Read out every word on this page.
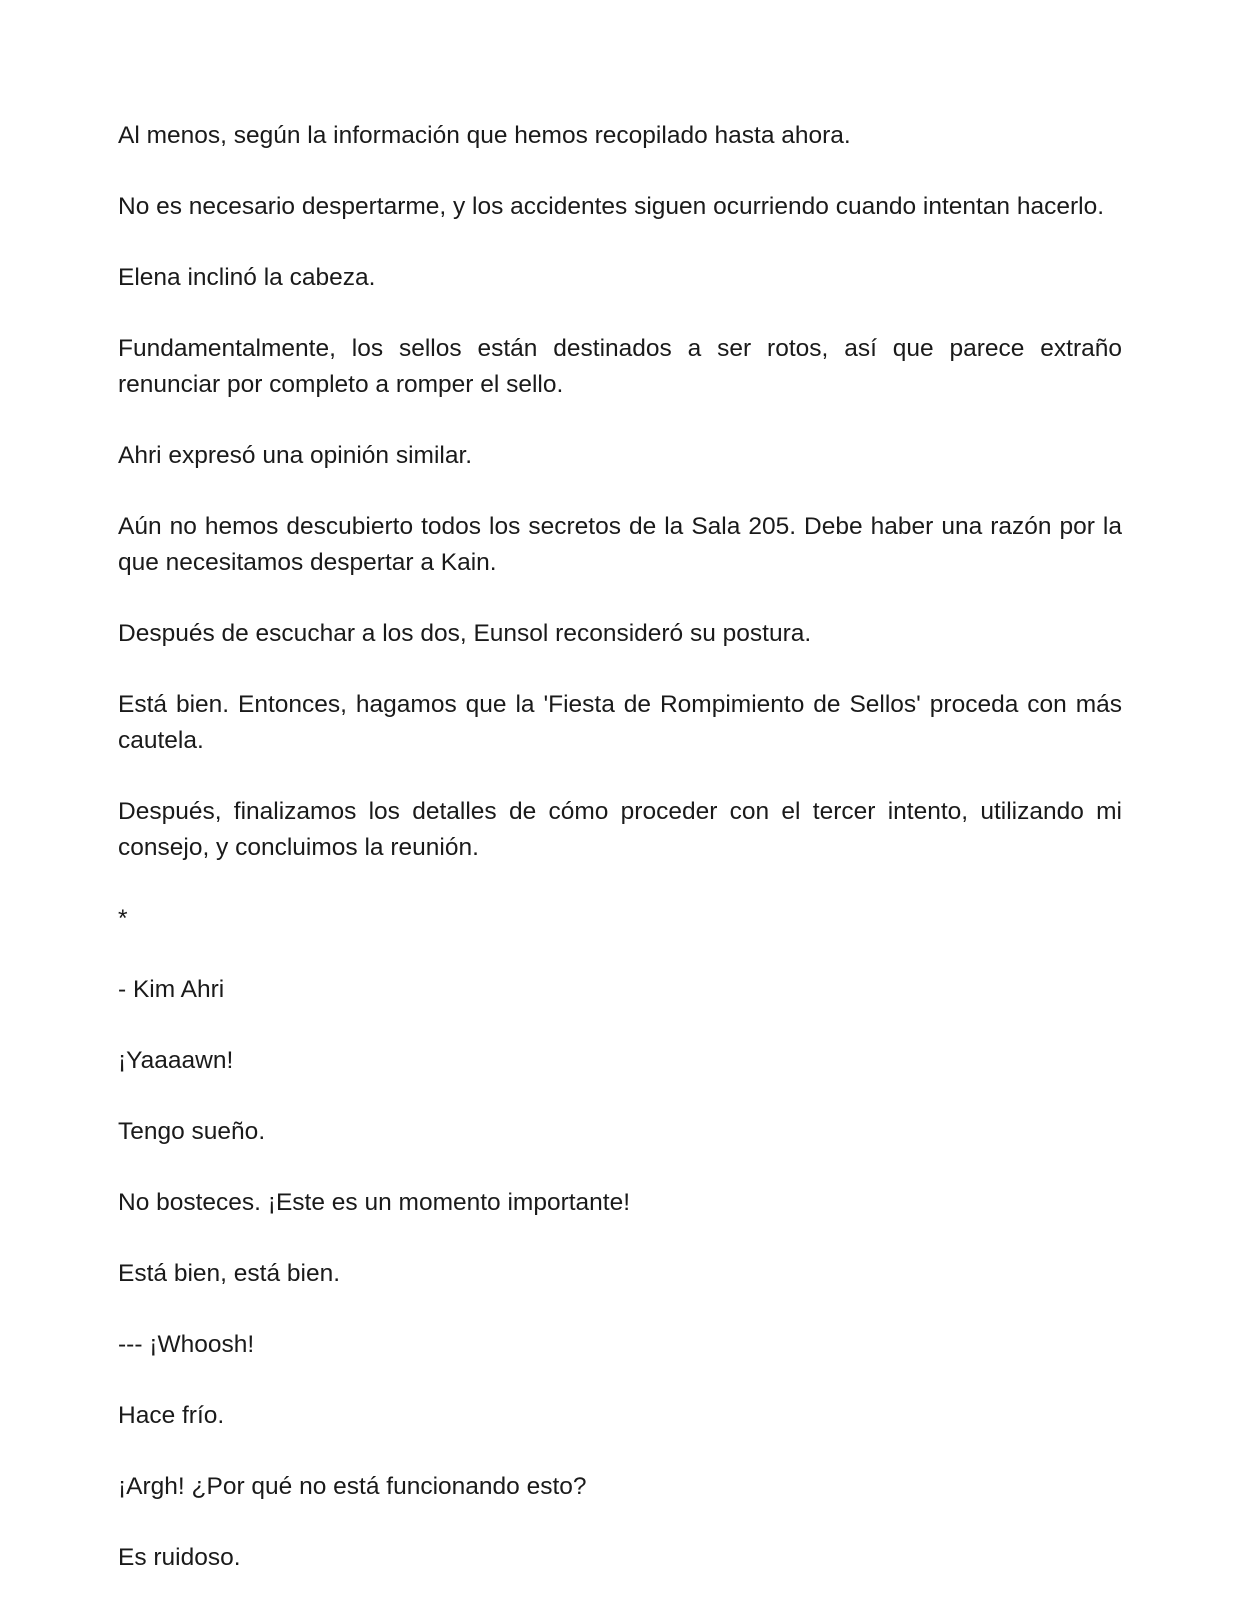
Al menos, según la información que hemos recopilado hasta ahora.

No es necesario despertarme, y los accidentes siguen ocurriendo cuando intentan hacerlo.

Elena inclinó la cabeza.

Fundamentalmente, los sellos están destinados a ser rotos, así que parece extraño renunciar por completo a romper el sello.

Ahri expresó una opinión similar.

Aún no hemos descubierto todos los secretos de la Sala 205. Debe haber una razón por la que necesitamos despertar a Kain.

Después de escuchar a los dos, Eunsol reconsideró su postura.

Está bien. Entonces, hagamos que la 'Fiesta de Rompimiento de Sellos' proceda con más cautela.

Después, finalizamos los detalles de cómo proceder con el tercer intento, utilizando mi consejo, y concluimos la reunión.

*

- Kim Ahri

¡Yaaaawn!

Tengo sueño.

No bosteces. ¡Este es un momento importante!

Está bien, está bien.

--- ¡Whoosh!

Hace frío.

¡Argh! ¿Por qué no está funcionando esto?

Es ruidoso.
